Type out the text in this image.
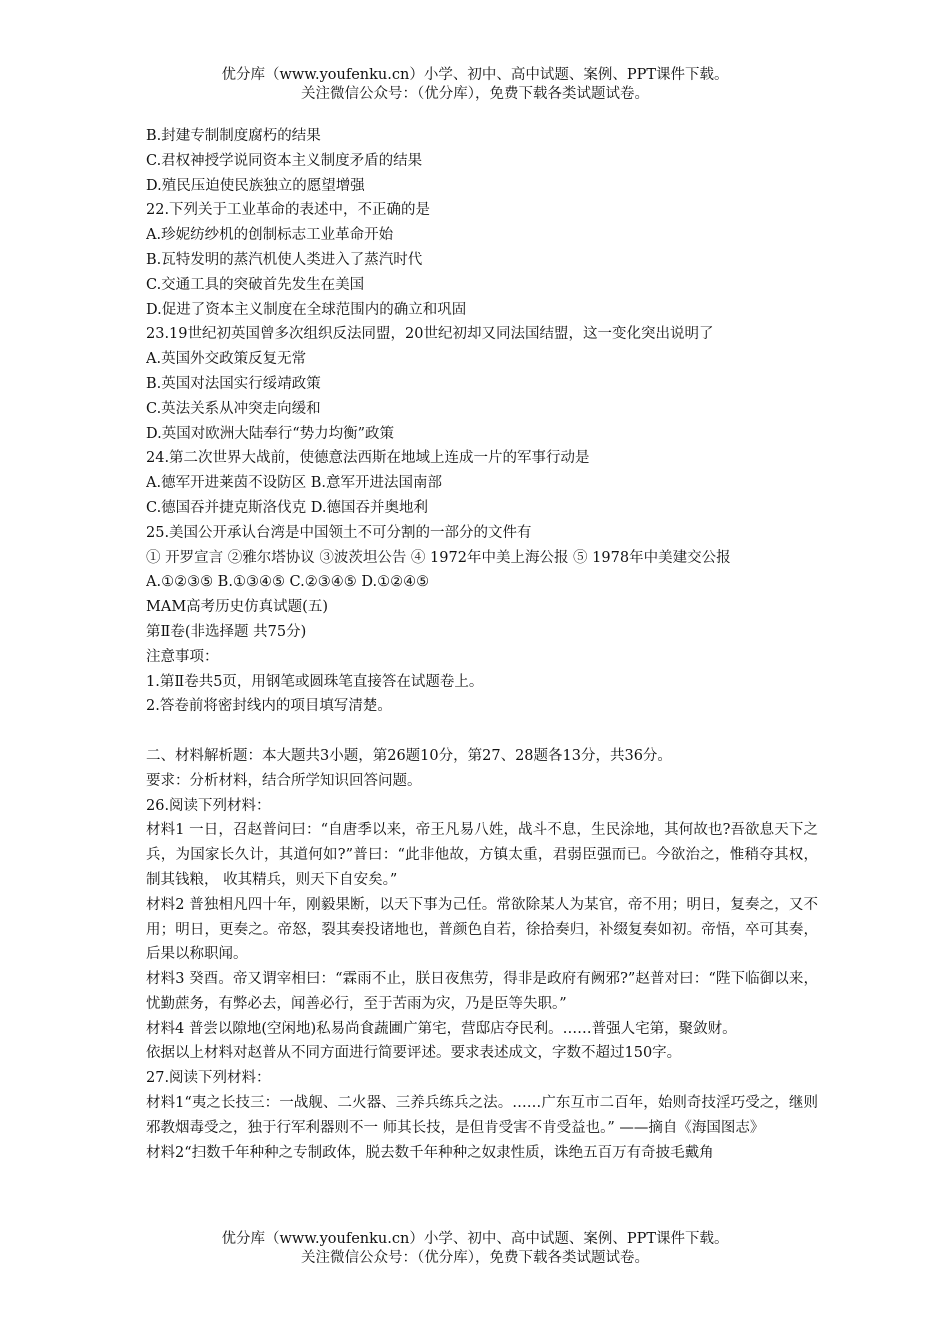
优分库（www.youfenku.cn）小学、初中、高中试题、案例、PPT课件下载。
关注微信公众号：（优分库），免费下载各类试题试卷。
B.封建专制制度腐朽的结果
C.君权神授学说同资本主义制度矛盾的结果
D.殖民压迫使民族独立的愿望增强
22.下列关于工业革命的表述中，不正确的是
A.珍妮纺纱机的创制标志工业革命开始
B.瓦特发明的蒸汽机使人类进入了蒸汽时代
C.交通工具的突破首先发生在美国
D.促进了资本主义制度在全球范围内的确立和巩固
23.19世纪初英国曾多次组织反法同盟，20世纪初却又同法国结盟，这一变化突出说明了
A.英国外交政策反复无常
B.英国对法国实行绥靖政策
C.英法关系从冲突走向缓和
D.英国对欧洲大陆奉行“势力均衡”政策
24.第二次世界大战前，使德意法西斯在地域上连成一片的军事行动是
A.德军开进莱茵不设防区 B.意军开进法国南部
C.德国吞并捷克斯洛伐克 D.德国吞并奥地利
25.美国公开承认台湾是中国领土不可分割的一部分的文件有
① 开罗宣言 ②雅尔塔协议 ③波茨坦公告 ④ 1972年中美上海公报 ⑤ 1978年中美建交公报
A.①②③⑤ B.①③④⑤ C.②③④⑤ D.①②④⑤
MAM高考历史仿真试题(五)
第Ⅱ卷(非选择题 共75分)
注意事项：
1.第Ⅱ卷共5页，用钢笔或圆珠笔直接答在试题卷上。
2.答卷前将密封线内的项目填写清楚。
二、材料解析题：本大题共3小题，第26题10分，第27、28题各13分，共36分。
要求：分析材料，结合所学知识回答问题。
26.阅读下列材料：
材料1 一日，召赵普问曰：“自唐季以来，帝王凡易八姓，战斗不息，生民涂地，其何故也?吾欲息天下之兵，为国家长久计，其道何如?”普曰：“此非他故，方镇太重，君弱臣强而已。今欲治之，惟稍夺其权，制其钱粮， 收其精兵，则天下自安矣。”
材料2 普独相凡四十年，刚毅果断，以天下事为己任。常欲除某人为某官，帝不用；明日，复奏之，又不用；明日，更奏之。帝怒，裂其奏投诸地也，普颜色自若，徐拾奏归，补缀复奏如初。帝悟，卒可其奏，后果以称职闻。
材料3 癸酉。帝又谓宰相曰：“霖雨不止，朕日夜焦劳，得非是政府有阙邪?”赵普对曰：“陛下临御以来，忧勤蔗务，有弊必去，闻善必行，至于苦雨为灾，乃是臣等失职。”
材料4 普尝以隙地(空闲地)私易尚食蔬圃广第宅，营邸店夺民利。……普强人宅第，聚敛财。
依据以上材料对赵普从不同方面进行简要评述。要求表述成文，字数不超过150字。
27.阅读下列材料：
材料1“夷之长技三：一战舰、二火器、三养兵练兵之法。……广东互市二百年，始则奇技淫巧受之，继则邪教烟毒受之，独于行军利器则不一 师其长技，是但肯受害不肯受益也。” ——摘自《海国图志》
材料2“扫数千年种种之专制政体，脱去数千年种种之奴隶性质，诛绝五百万有奇披毛戴角
优分库（www.youfenku.cn）小学、初中、高中试题、案例、PPT课件下载。
关注微信公众号：（优分库），免费下载各类试题试卷。
